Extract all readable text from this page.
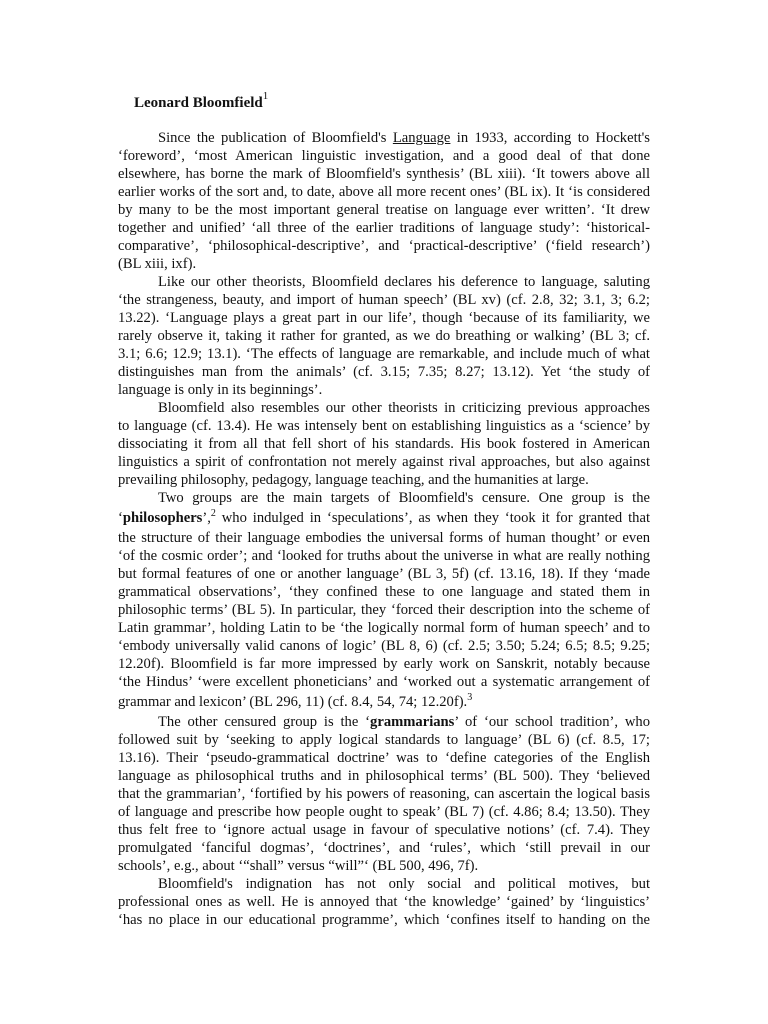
Leonard Bloomfield$^1$
Since the publication of Bloomfield's Language in 1933, according to Hockett's
‘foreword’, ‘most American linguistic investigation, and a good deal of that done
elsewhere, has borne the mark of Bloomfield's synthesis’ (BL xiii). ‘It towers above all
earlier works of the sort and, to date, above all more recent ones’ (BL ix). It ‘is considered
by many to be the most important general treatise on language ever written’. ‘It drew
together and unified’ ‘all three of the earlier traditions of language study’: ‘historical-
comparative’, ‘philosophical-descriptive’, and ‘practical-descriptive’ (‘field research’)
(BL xiii, ixf).
Like our other theorists, Bloomfield declares his deference to language, saluting
‘the strangeness, beauty, and import of human speech’ (BL xv) (cf. 2.8, 32; 3.1, 3; 6.2;
13.22). ‘Language plays a great part in our life’, though ‘because of its familiarity, we
rarely observe it, taking it rather for granted, as we do breathing or walking’ (BL 3; cf.
3.1; 6.6; 12.9; 13.1). ‘The effects of language are remarkable, and include much of what
distinguishes man from the animals’ (cf. 3.15; 7.35; 8.27; 13.12). Yet ‘the study of
language is only in its beginnings’.
Bloomfield also resembles our other theorists in criticizing previous approaches
to language (cf. 13.4). He was intensely bent on establishing linguistics as a ‘science’ by
dissociating it from all that fell short of his standards. His book fostered in American
linguistics a spirit of confrontation not merely against rival approaches, but also against
prevailing philosophy, pedagogy, language teaching, and the humanities at large.
Two groups are the main targets of Bloomfield's censure. One group is the
‘philosophers’,$^2$ who indulged in ‘speculations’, as when they ‘took it for granted that
the structure of their language embodies the universal forms of human thought’ or even
‘of the cosmic order’; and ‘looked for truths about the universe in what are really nothing
but formal features of one or another language’ (BL 3, 5f) (cf. 13.16, 18). If they ‘made
grammatical observations’, ‘they confined these to one language and stated them in
philosophic terms’ (BL 5). In particular, they ‘forced their description into the scheme of
Latin grammar’, holding Latin to be ‘the logically normal form of human speech’ and to
‘embody universally valid canons of logic’ (BL 8, 6) (cf. 2.5; 3.50; 5.24; 6.5; 8.5; 9.25;
12.20f). Bloomfield is far more impressed by early work on Sanskrit, notably because
‘the Hindus’ ‘were excellent phoneticians’ and ‘worked out a systematic arrangement of
grammar and lexicon’ (BL 296, 11) (cf. 8.4, 54, 74; 12.20f).$^3$
The other censured group is the ‘grammarians’ of ‘our school tradition’, who
followed suit by ‘seeking to apply logical standards to language’ (BL 6) (cf. 8.5, 17;
13.16). Their ‘pseudo-grammatical doctrine’ was to ‘define categories of the English
language as philosophical truths and in philosophical terms’ (BL 500). They ‘believed
that the grammarian’, ‘fortified by his powers of reasoning, can ascertain the logical basis
of language and prescribe how people ought to speak’ (BL 7) (cf. 4.86; 8.4; 13.50). They
thus felt free to ‘ignore actual usage in favour of speculative notions’ (cf. 7.4). They
promulgated ‘fanciful dogmas’, ‘doctrines’, and ‘rules’, which ‘still prevail in our
schools’, e.g., about ‘“shall” versus “will”‘ (BL 500, 496, 7f).
Bloomfield's indignation has not only social and political motives, but
professional ones as well. He is annoyed that ‘the knowledge’ ‘gained’ by ‘linguistics’
‘has no place in our educational programme’, which ‘confines itself to handing on the
